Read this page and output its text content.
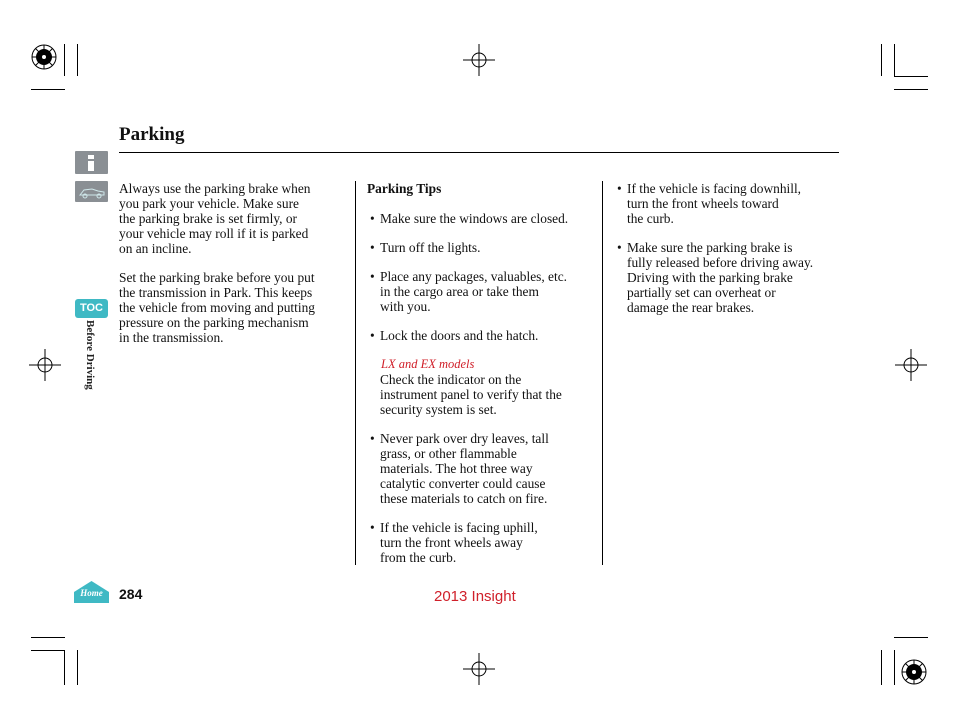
Parking
TOC
Before Driving
Home

Always use the parking brake when
you park your vehicle. Make sure
the parking brake is set firmly, or
your vehicle may roll if it is parked
on an incline.

Set the parking brake before you put
the transmission in Park. This keeps
the vehicle from moving and putting
pressure on the parking mechanism
in the transmission.

Parking Tips

• Make sure the windows are closed.

• Turn off the lights.

• Place any packages, valuables, etc.
in the cargo area or take them
with you.

• Lock the doors and the hatch.

LX and EX models

Check the indicator on the
instrument panel to verify that the
security system is set.

• Never park over dry leaves, tall
grass, or other flammable
materials. The hot three way
catalytic converter could cause
these materials to catch on fire.

• If the vehicle is facing uphill,
turn the front wheels away
from the curb.

• If the vehicle is facing downhill,
turn the front wheels toward
the curb.

• Make sure the parking brake is
fully released before driving away.
Driving with the parking brake
partially set can overheat or
damage the rear brakes.

284	2013 Insight
